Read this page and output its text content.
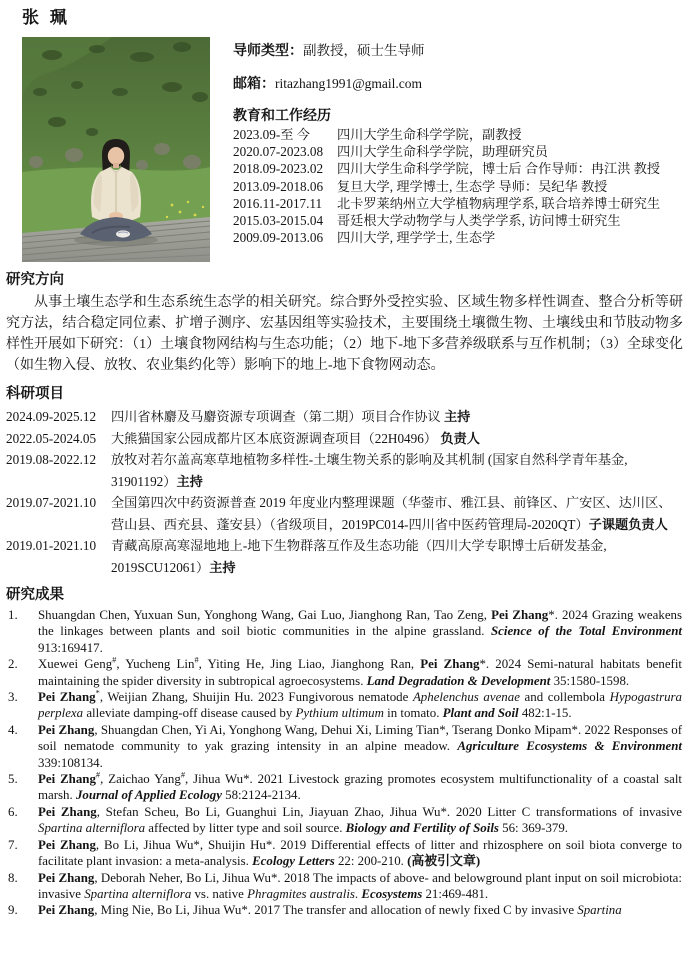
张 珮

导师类型：副教授，硕士生导师

邮箱：ritazhang1991@gmail.com

教育和工作经历
2023.09-至 今	四川大学生命科学学院，副教授
2020.07-2023.08	四川大学生命科学学院，助理研究员
2018.09-2023.02	四川大学生命科学学院，博士后 合作导师：冉江洪 教授
2013.09-2018.06	复旦大学, 理学博士, 生态学 导师：吴纪华 教授
2016.11-2017.11	北卡罗莱纳州立大学植物病理学系, 联合培养博士研究生
2015.03-2015.04	哥廷根大学动物学与人类学学系, 访问博士研究生
2009.09-2013.06	四川大学, 理学学士, 生态学
研究方向

从事土壤生态学和生态系统生态学的相关研究。综合野外受控实验、区域生物多样性调查、整合分析等研究方法，结合稳定同位素、扩增子测序、宏基因组等实验技术，主要围绕土壤微生物、土壤线虫和节肢动物多样性开展如下研究：（1）土壤食物网结构与生态功能；（2）地下-地下多营养级联系与互作机制；（3）全球变化（如生物入侵、放牧、农业集约化等）影响下的地上-地下食物网动态。

科研项目
2024.09-2025.12 四川省林麝及马麝资源专项调查（第二期）项目合作协议 主持
2022.05-2024.05 大熊猫国家公园成都片区本底资源调查项目（22H0496） 负责人
2019.08-2022.12 放牧对若尔盖高寒草地植物多样性-土壤生物关系的影响及其机制 (国家自然科学青年基金, 31901192）主持
2019.07-2021.10 全国第四次中药资源普查 2019 年度业内整理课题（华蓥市、雅江县、前锋区、广安区、达川区、营山县、西充县、蓬安县）（省级项目，2019PC014-四川省中医药管理局-2020QT）子课题负责人
2019.01-2021.10 青藏高原高寒湿地地上-地下生物群落互作及生态功能（四川大学专职博士后研发基金, 2019SCU12061）主持
研究成果
1.	Shuangdan Chen, Yuxuan Sun, Yonghong Wang, Gai Luo, Jianghong Ran, Tao Zeng, Pei Zhang*. 2024 Grazing weakens the linkages between plants and soil biotic communities in the alpine grassland. Science of the Total Environment 913:169417.
2.	Xuewei Geng#, Yucheng Lin#, Yiting He, Jing Liao, Jianghong Ran, Pei Zhang*. 2024 Semi-natural habitats benefit maintaining the spider diversity in subtropical agroecosystems. Land Degradation & Development 35:1580-1598.
3.	Pei Zhang*, Weijian Zhang, Shuijin Hu. 2023 Fungivorous nematode Aphelenchus avenae and collembola Hypogastrura perplexa alleviate damping-off disease caused by Pythium ultimum in tomato. Plant and Soil 482:1-15.
4.	Pei Zhang, Shuangdan Chen, Yi Ai, Yonghong Wang, Dehui Xi, Liming Tian*, Tserang Donko Mipam*. 2022 Responses of soil nematode community to yak grazing intensity in an alpine meadow. Agriculture Ecosystems & Environment 339:108134.
5.	Pei Zhang#, Zaichao Yang#, Jihua Wu*. 2021 Livestock grazing promotes ecosystem multifunctionality of a coastal salt marsh. Journal of Applied Ecology 58:2124-2134.
6.	Pei Zhang, Stefan Scheu, Bo Li, Guanghui Lin, Jiayuan Zhao, Jihua Wu*. 2020 Litter C transformations of invasive Spartina alterniflora affected by litter type and soil source. Biology and Fertility of Soils 56: 369-379.
7.	Pei Zhang, Bo Li, Jihua Wu*, Shuijin Hu*. 2019 Differential effects of litter and rhizosphere on soil biota converge to facilitate plant invasion: a meta-analysis. Ecology Letters 22: 200-210. (高被引文章)
8.	Pei Zhang, Deborah Neher, Bo Li, Jihua Wu*. 2018 The impacts of above- and belowground plant input on soil microbiota: invasive Spartina alterniflora vs. native Phragmites australis. Ecosystems 21:469-481.
9.	Pei Zhang, Ming Nie, Bo Li, Jihua Wu*. 2017 The transfer and allocation of newly fixed C by invasive Spartina
